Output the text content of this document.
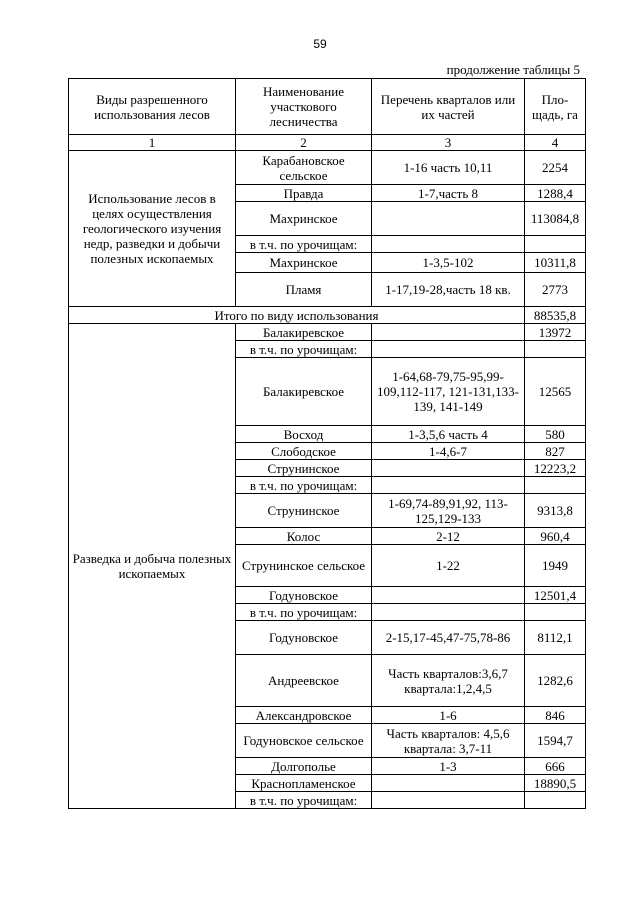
59
продолжение таблицы 5
Виды разрешенного использования лесов	Наименование участкового лесничества	Перечень кварталов или их частей	Пло-щадь, га
1	2	3	4
Использование лесов в целях осуществления геологического изучения недр, разведки и добычи полезных ископаемых	Карабановское сельское	1-16 часть 10,11	2254
	Правда	1-7,часть 8	1288,4
	Махринское		113084,8
	в т.ч. по урочищам:		
	Махринское	1-3,5-102	10311,8
	Пламя	1-17,19-28,часть 18 кв.	2773
Итого по виду использования			88535,8
Разведка и добыча полезных ископаемых	Балакиревское		13972
	в т.ч. по урочищам:		
	Балакиревское	1-64,68-79,75-95,99-109,112-117, 121-131,133-139, 141-149	12565
	Восход	1-3,5,6 часть 4	580
	Слободское	1-4,6-7	827
	Струнинское		12223,2
	в т.ч. по урочищам:		
	Струнинское	1-69,74-89,91,92, 113-125,129-133	9313,8
	Колос	2-12	960,4
	Струнинское сельское	1-22	1949
	Годуновское		12501,4
	в т.ч. по урочищам:		
	Годуновское	2-15,17-45,47-75,78-86	8112,1
	Андреевское	Часть кварталов:3,6,7 квартала:1,2,4,5	1282,6
	Александровское	1-6	846
	Годуновское сельское	Часть кварталов: 4,5,6 квартала: 3,7-11	1594,7
	Долгополье	1-3	666
	Краснопламенское		18890,5
	в т.ч. по урочищам:		
